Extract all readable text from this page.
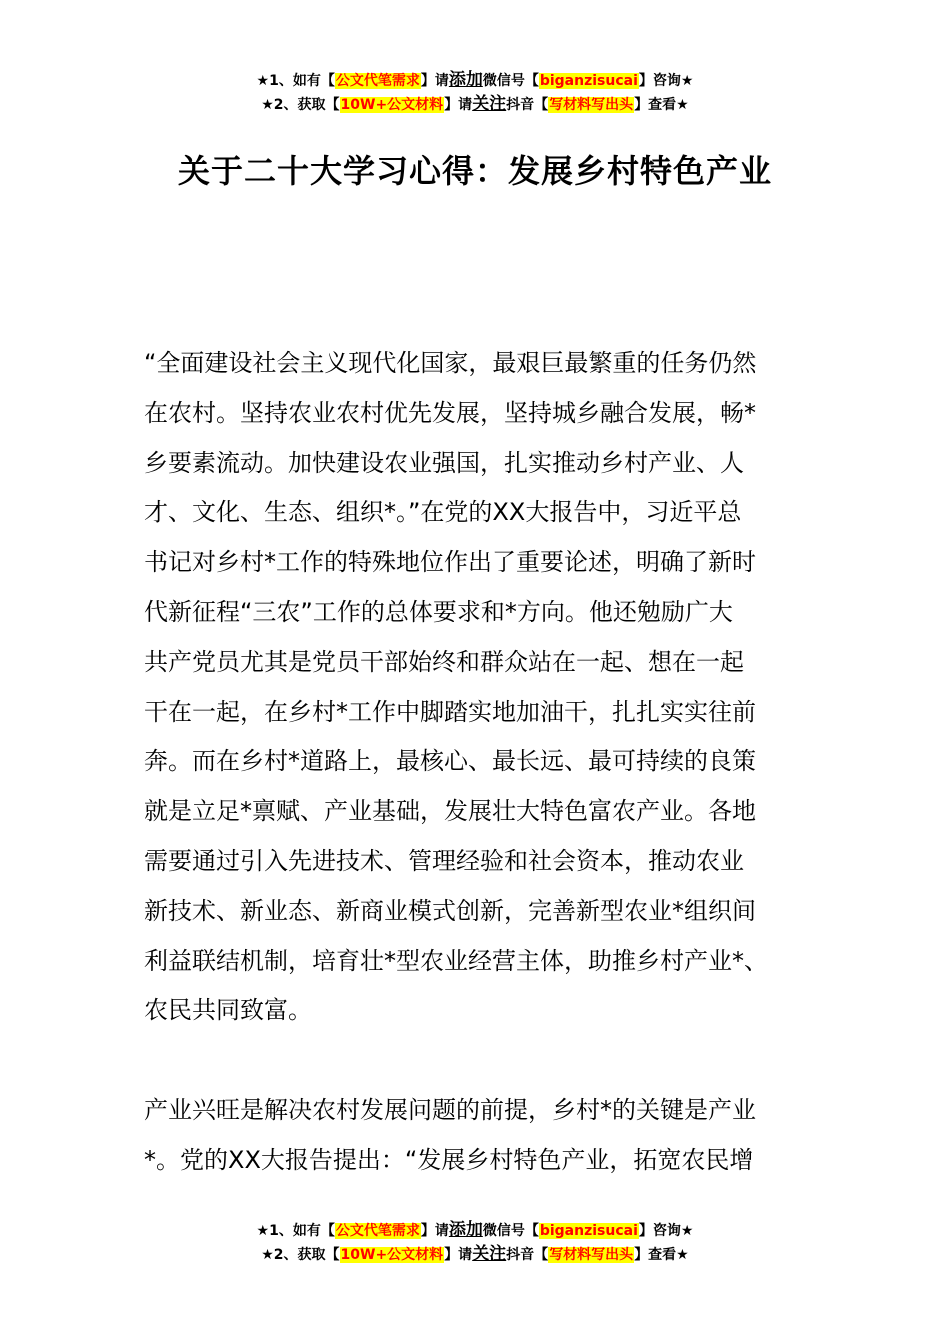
★1、如有【公文代笔需求】请添加微信号【biganzisucai】咨询★
★2、获取【10W+公文材料】请关注抖音【写材料写出头】查看★
关于二十大学习心得：发展乡村特色产业
“全面建设社会主义现代化国家，最艰巨最繁重的任务仍然
在农村。坚持农业农村优先发展，坚持城乡融合发展，畅*
乡要素流动。加快建设农业强国，扎实推动乡村产业、人
才、文化、生态、组织*。”在党的XX大报告中，习近平总
书记对乡村*工作的特殊地位作出了重要论述，明确了新时
代新征程“三农”工作的总体要求和*方向。他还勉励广大
共产党员尤其是党员干部始终和群众站在一起、想在一起
干在一起，在乡村*工作中脚踏实地加油干，扎扎实实往前
奔。而在乡村*道路上，最核心、最长远、最可持续的良策
就是立足*禀赋、产业基础，发展壮大特色富农产业。各地
需要通过引入先进技术、管理经验和社会资本，推动农业
新技术、新业态、新商业模式创新，完善新型农业*组织间
利益联结机制，培育壮*型农业经营主体，助推乡村产业*、
农民共同致富。
产业兴旺是解决农村发展问题的前提，乡村*的关键是产业
*。党的XX大报告提出：“发展乡村特色产业，拓宽农民增
★1、如有【公文代笔需求】请添加微信号【biganzisucai】咨询★
★2、获取【10W+公文材料】请关注抖音【写材料写出头】查看★
